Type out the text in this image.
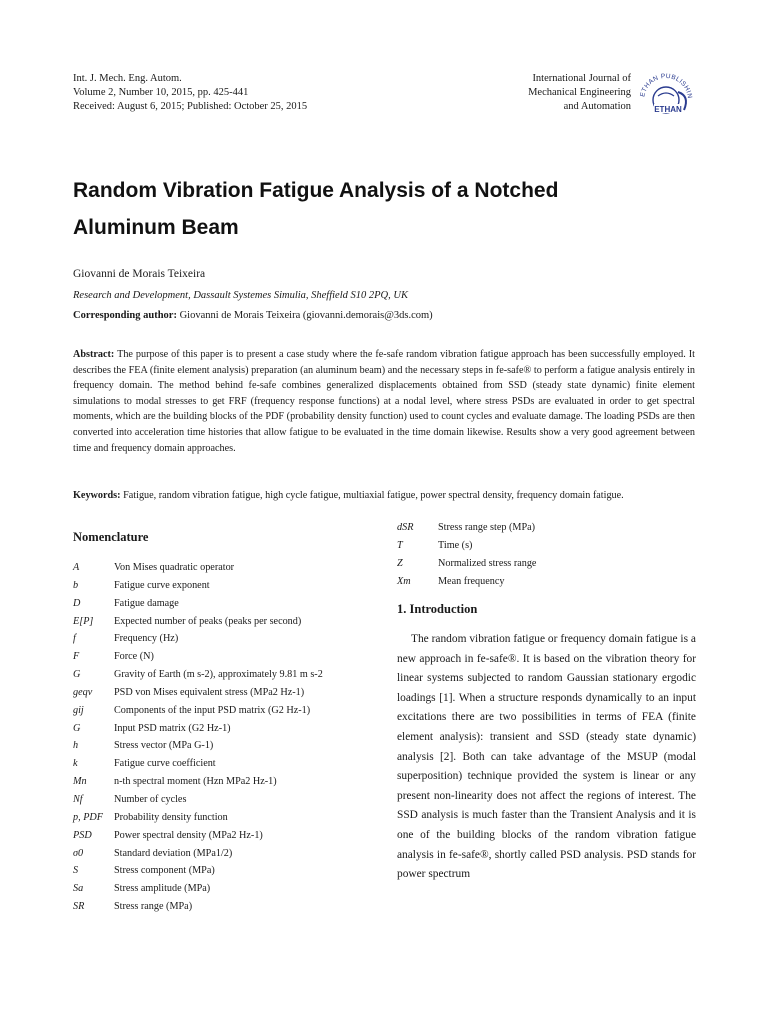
Int. J. Mech. Eng. Autom.
Volume 2, Number 10, 2015, pp. 425-441
Received: August 6, 2015; Published: October 25, 2015
International Journal of
Mechanical Engineering
and Automation
ETHAN PUBLISHIN
ETHAN
Random Vibration Fatigue Analysis of a Notched
Aluminum Beam
Giovanni de Morais Teixeira
Research and Development, Dassault Systemes Simulia, Sheffield S10 2PQ, UK
Corresponding author: Giovanni de Morais Teixeira (giovanni.demorais@3ds.com)
Abstract: The purpose of this paper is to present a case study where the fe-safe random vibration fatigue approach has been successfully employed. It describes the FEA (finite element analysis) preparation (an aluminum beam) and the necessary steps in fe-safe® to perform a fatigue analysis entirely in frequency domain. The method behind fe-safe combines generalized displacements obtained from SSD (steady state dynamic) finite element simulations to modal stresses to get FRF (frequency response functions) at a nodal level, where stress PSDs are evaluated in order to get spectral moments, which are the building blocks of the PDF (probability density function) used to count cycles and evaluate damage. The loading PSDs are then converted into acceleration time histories that allow fatigue to be evaluated in the time domain likewise. Results show a very good agreement between time and frequency domain approaches.
Keywords: Fatigue, random vibration fatigue, high cycle fatigue, multiaxial fatigue, power spectral density, frequency domain fatigue.
Nomenclature
A	Von Mises quadratic operator
b	Fatigue curve exponent
D	Fatigue damage
E[P] Expected number of peaks (peaks per second)
f	Frequency (Hz)
F	Force (N)
G	Gravity of Earth (m s-2), approximately 9.81 m s-2
geqv PSD von Mises equivalent stress (MPa2 Hz-1)
gij	Components of the input PSD matrix (G2 Hz-1)
G	Input PSD matrix (G2 Hz-1)
h	Stress vector (MPa G-1)
k	Fatigue curve coefficient
Mn	n-th spectral moment (Hzn MPa2 Hz-1)
Nf	Number of cycles
p, PDF Probability density function
PSD Power spectral density (MPa2 Hz-1)
σ0	Standard deviation (MPa1/2)
S	Stress component (MPa)
Sa	Stress amplitude (MPa)
SR	Stress range (MPa)
dSR Stress range step (MPa)
T	Time (s)
Z	Normalized stress range
Xm	Mean frequency
1. Introduction
The random vibration fatigue or frequency domain fatigue is a new approach in fe-safe®. It is based on the vibration theory for linear systems subjected to random Gaussian stationary ergodic loadings [1]. When a structure responds dynamically to an input excitations there are two possibilities in terms of FEA (finite element analysis): transient and SSD (steady state dynamic) analysis [2]. Both can take advantage of the MSUP (modal superposition) technique provided the system is linear or any present non-linearity does not affect the regions of interest. The SSD analysis is much faster than the Transient Analysis and it is one of the building blocks of the random vibration fatigue analysis in fe-safe®, shortly called PSD analysis. PSD stands for power spectrum
